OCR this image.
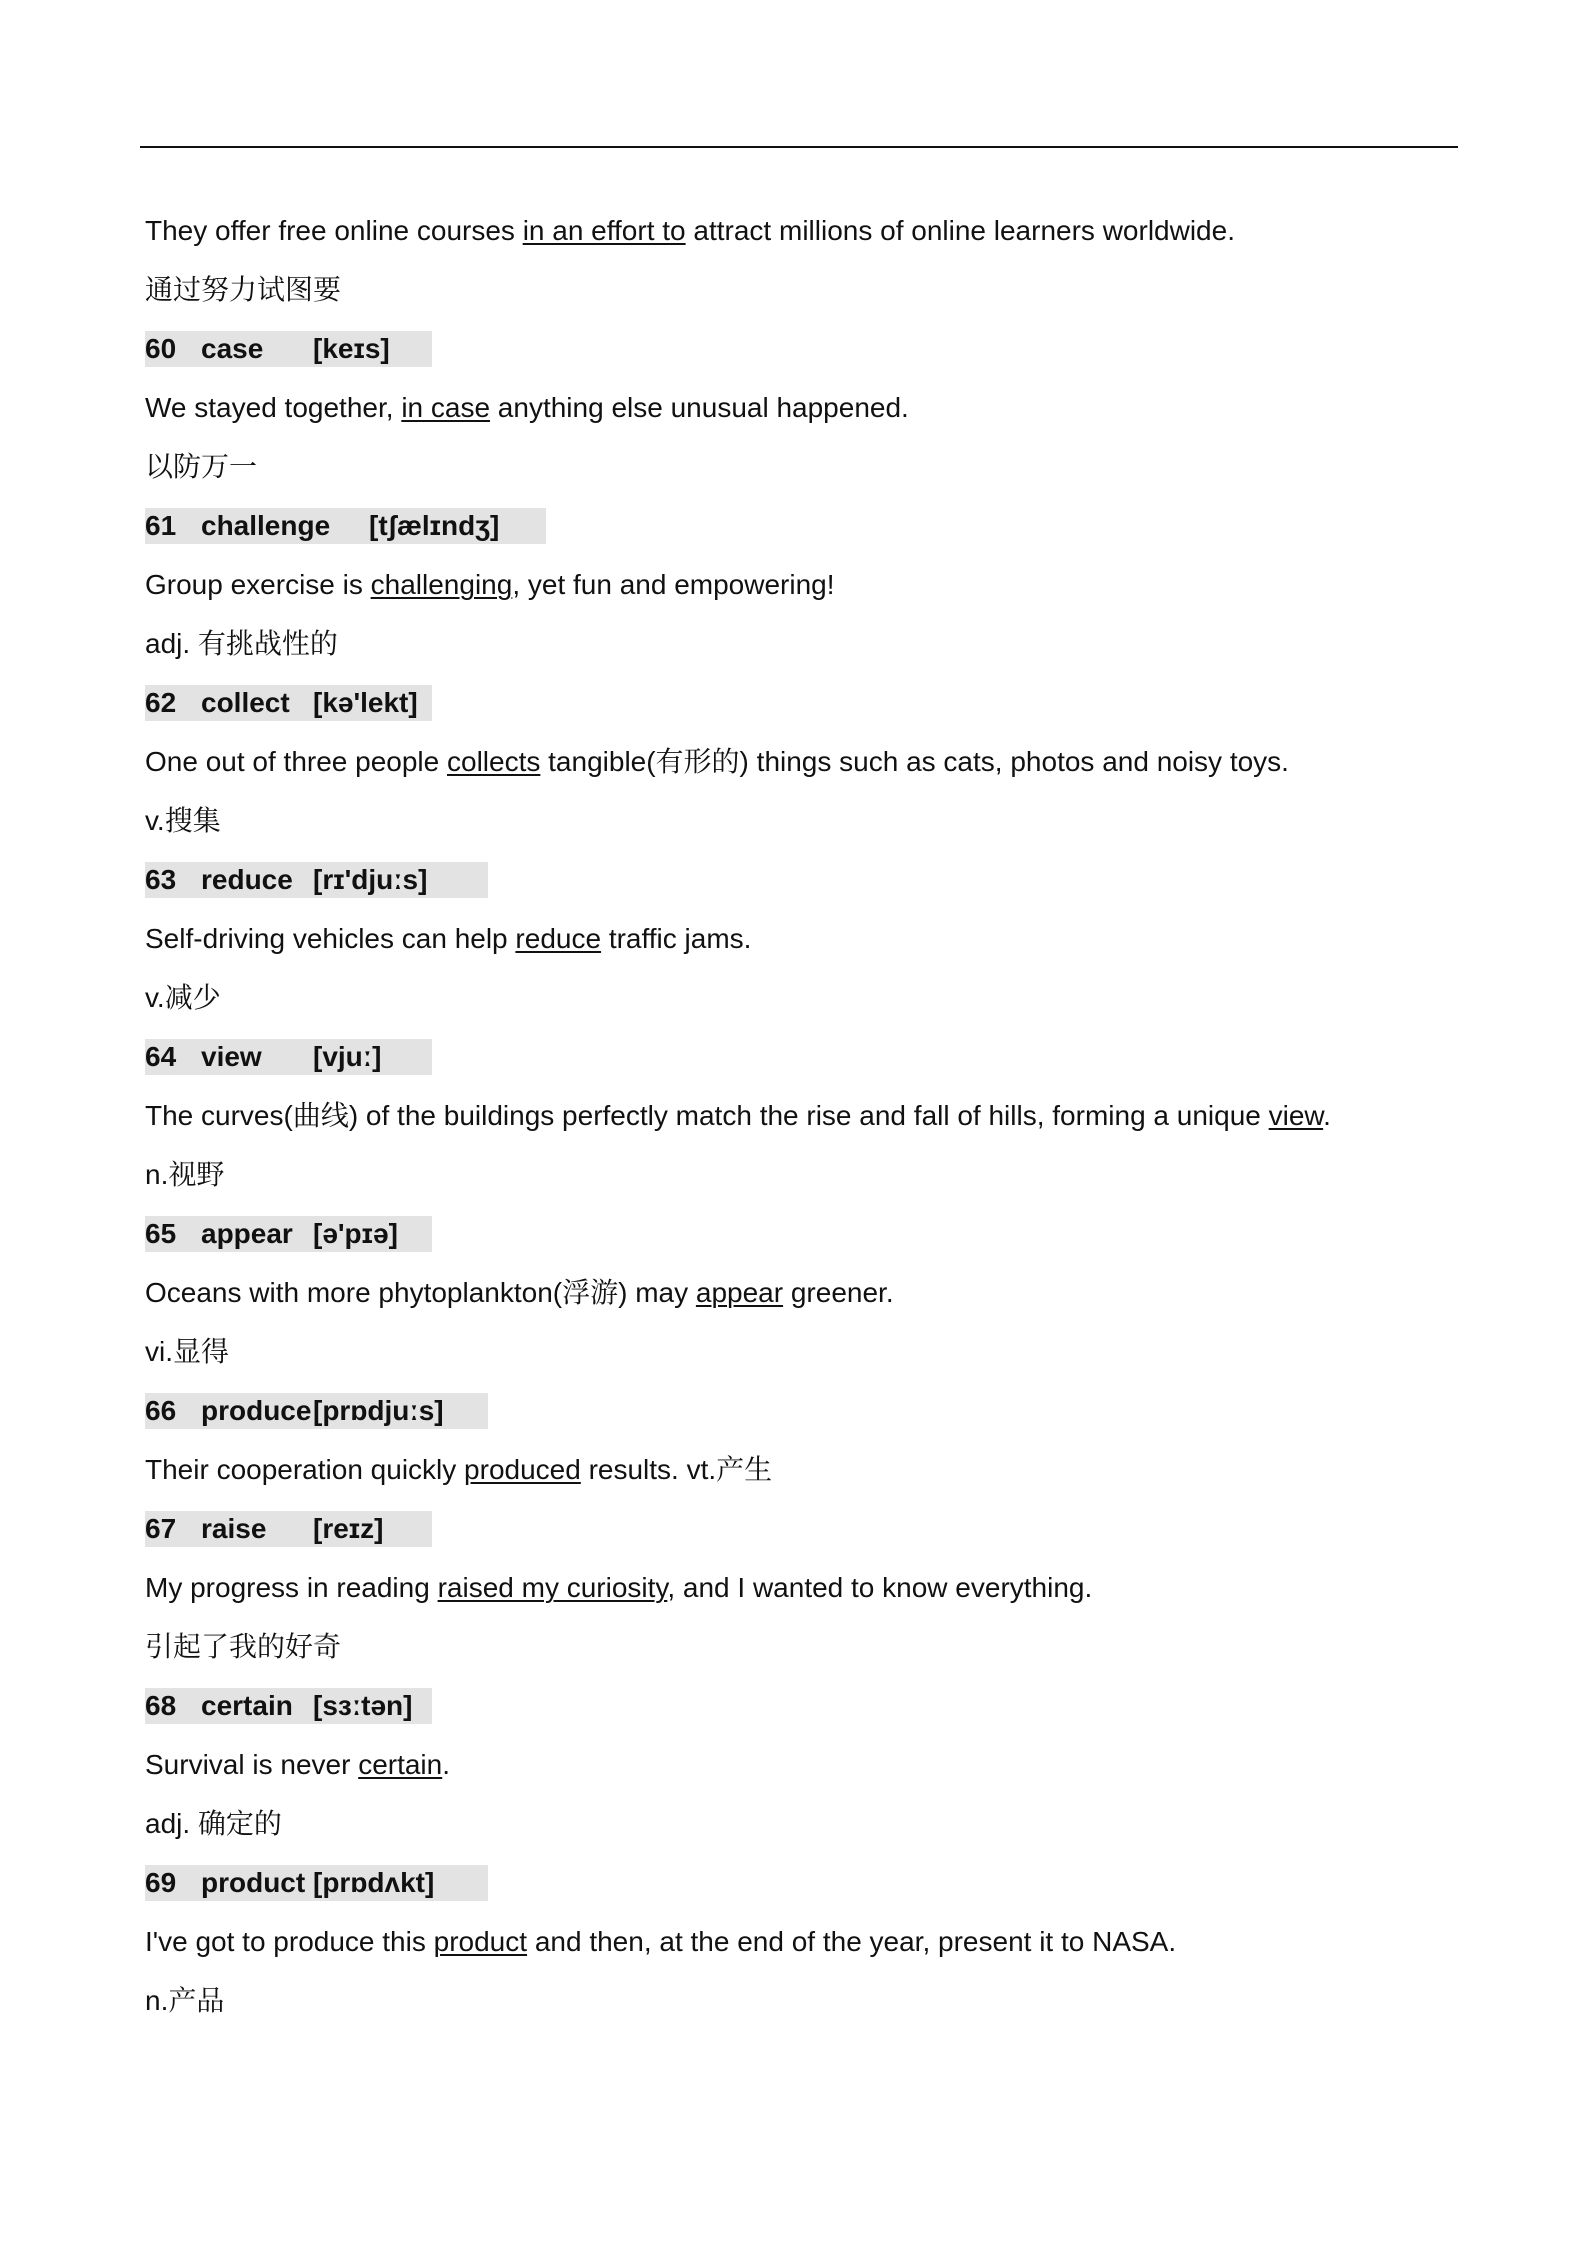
They offer free online courses in an effort to attract millions of online learners worldwide.
通过努力试图要
60 case [keɪs]
We stayed together, in case anything else unusual happened.
以防万一
61 challenge [tʃælɪndʒ]
Group exercise is challenging, yet fun and empowering!
adj. 有挑战性的
62 collect [kə'lekt]
One out of three people collects tangible(有形的) things such as cats, photos and noisy toys.
v.搜集
63 reduce [rɪ'djuːs]
Self-driving vehicles can help reduce traffic jams.
v.减少
64 view [vjuː]
The curves(曲线) of the buildings perfectly match the rise and fall of hills, forming a unique view.
n.视野
65 appear [ə'pɪə]
Oceans with more phytoplankton(浮游) may appear greener.
vi.显得
66 produce[prɒdjuːs]
Their cooperation quickly produced results. vt.产生
67 raise [reɪz]
My progress in reading raised my curiosity, and I wanted to know everything.
引起了我的好奇
68 certain [sɜːtən]
Survival is never certain.
adj. 确定的
69 product [prɒdʌkt]
I've got to produce this product and then, at the end of the year, present it to NASA.
n.产品
